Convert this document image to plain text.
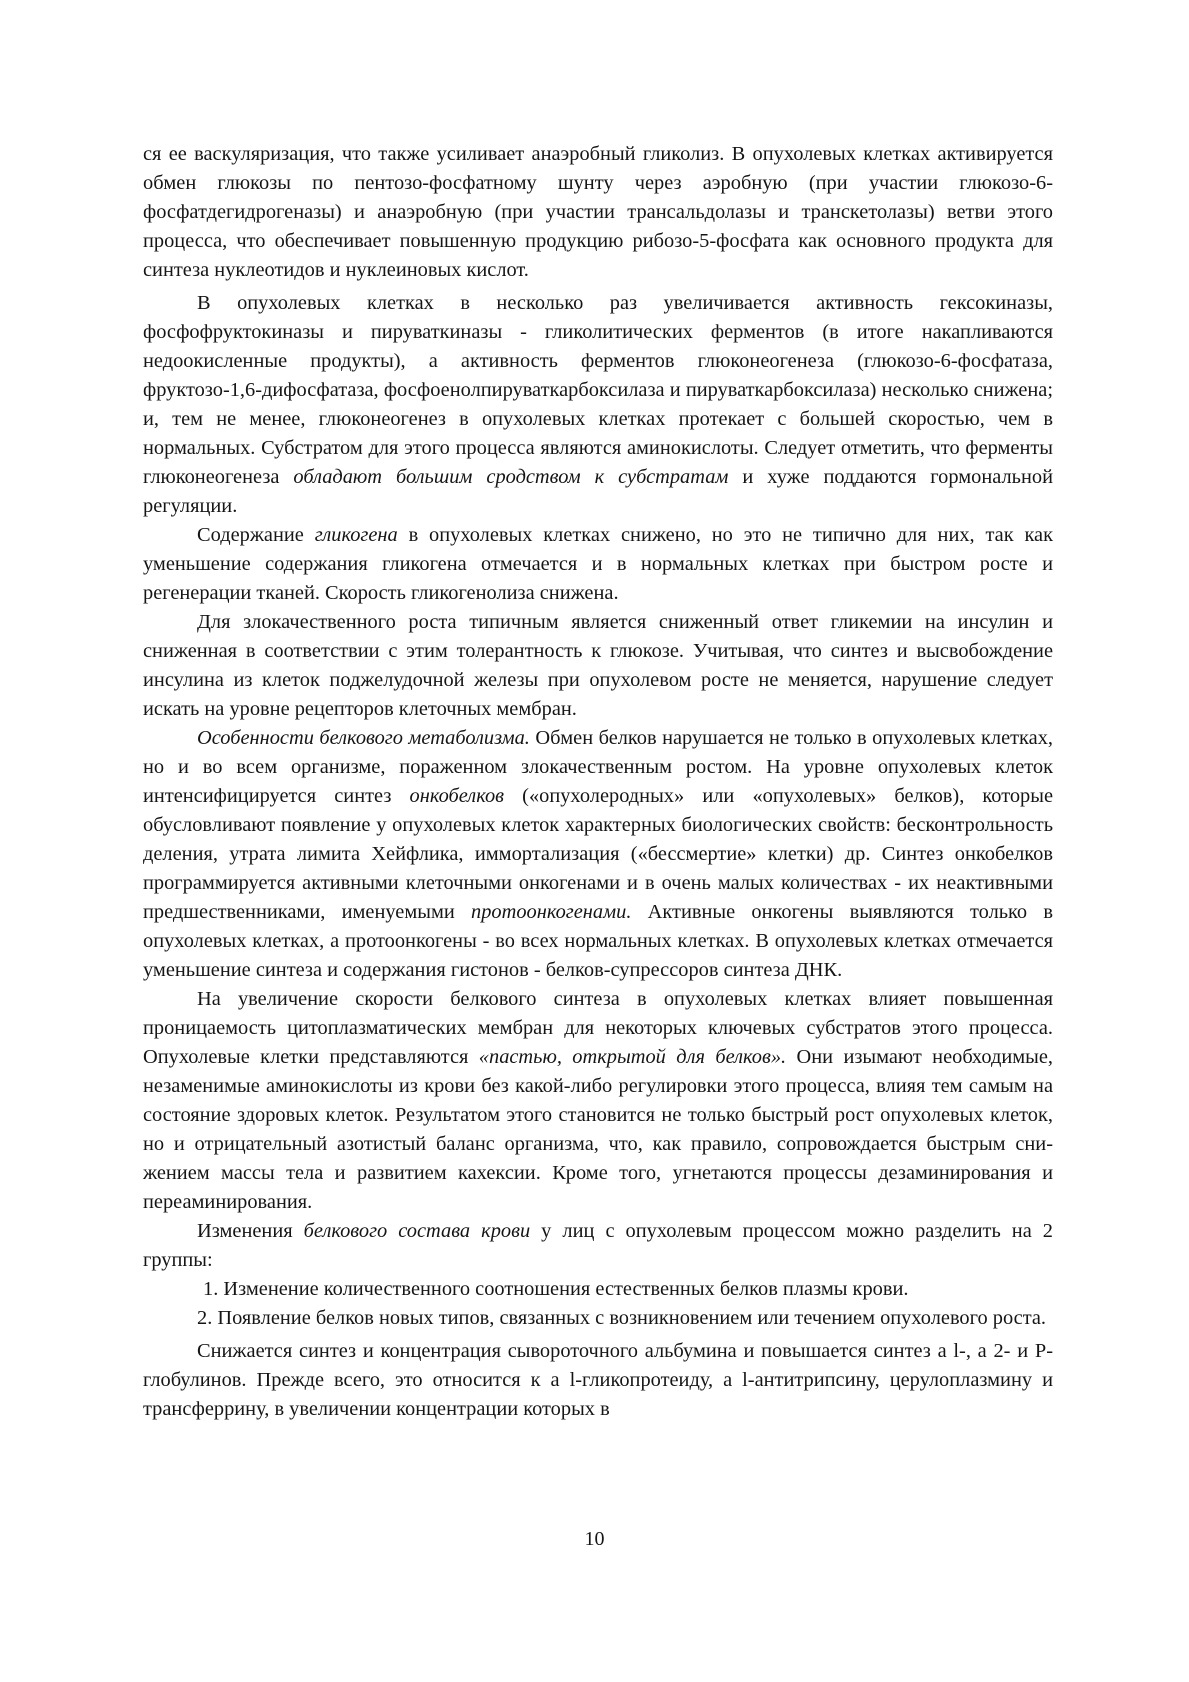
ся ее васкуляризация, что также усиливает анаэробный гликолиз. В опухолевых клетках активируется обмен глюкозы по пентозо-фосфатному шунту через аэробную (при участии глюкозо-6-фосфатдегидрогеназы) и анаэробную (при участии трансальдолазы и транскетолазы) ветви этого процесса, что обеспечивает повышенную продукцию рибозо-5-фосфата как основного продукта для синтеза нуклеотидов и нуклеиновых кислот.

В опухолевых клетках в несколько раз увеличивается активность гексокиназы, фосфофруктокиназы и пируваткиназы - гликолитических ферментов (в итоге накапливаются недоокисленные продукты), а активность ферментов глюконеогенеза (глюкозо-6-фосфатаза, фруктозо-1,6-дифосфатаза, фосфоенолпируваткарбоксилаза и пируваткарбоксилаза) несколько снижена; и, тем не менее, глюконеогенез в опухолевых клетках протекает с большей скоростью, чем в нормальных. Субстратом для этого процесса являются аминокислоты. Следует отметить, что ферменты глюконеогенеза обладают большим сродством к субстратам и хуже поддаются гормональной регуляции.

Содержание гликогена в опухолевых клетках снижено, но это не типично для них, так как уменьшение содержания гликогена отмечается и в нормальных клетках при быстром росте и регенерации тканей. Скорость гликогенолиза снижена.

Для злокачественного роста типичным является сниженный ответ гликемии на инсулин и сниженная в соответствии с этим толерантность к глюкозе. Учитывая, что синтез и высвобождение инсулина из клеток поджелудочной железы при опухолевом росте не меняется, нарушение следует искать на уровне рецепторов клеточных мембран.

Особенности белкового метаболизма. Обмен белков нарушается не только в опухолевых клетках, но и во всем организме, пораженном злокачественным ростом. На уровне опухолевых клеток интенсифицируется синтез онкобелков («опухолеродных» или «опухолевых» белков), которые обусловливают появление у опухолевых клеток характерных биологических свойств: бесконтрольность деления, утрата лимита Хейфлика, иммортализация («бессмертие» клетки) др. Синтез онкобелков программируется активными клеточными онкогенами и в очень малых количествах - их неактивными предшественниками, именуемыми протоонкогенами. Активные онкогены выявляются только в опухолевых клетках, а протоонкогены - во всех нормальных клетках. В опухолевых клетках отмечается уменьшение синтеза и содержания гистонов - белков-супрессоров синтеза ДНК.

На увеличение скорости белкового синтеза в опухолевых клетках влияет повышенная проницаемость цитоплазматических мембран для некоторых ключевых субстратов этого процесса. Опухолевые клетки представляются «пастью, открытой для белков». Они изымают необходимые, незаменимые аминокислоты из крови без какой-либо регулировки этого процесса, влияя тем самым на состояние здоровых клеток. Результатом этого становится не только быстрый рост опухолевых клеток, но и отрицательный азотистый баланс организма, что, как правило, сопровождается быстрым снижением массы тела и развитием кахексии. Кроме того, угнетаются процессы дезаминирования и переаминирования.

Изменения белкового состава крови у лиц с опухолевым процессом можно разделить на 2 группы:

1. Изменение количественного соотношения естественных белков плазмы крови.

2. Появление белков новых типов, связанных с возникновением или течением опухолевого роста.

Снижается синтез и концентрация сывороточного альбумина и повышается синтез a l-, a 2- и Р-глобулинов. Прежде всего, это относится к a l-гликопротеиду, a l-антитрипсину, церулоплазмину и трансферрину, в увеличении концентрации которых в

10
